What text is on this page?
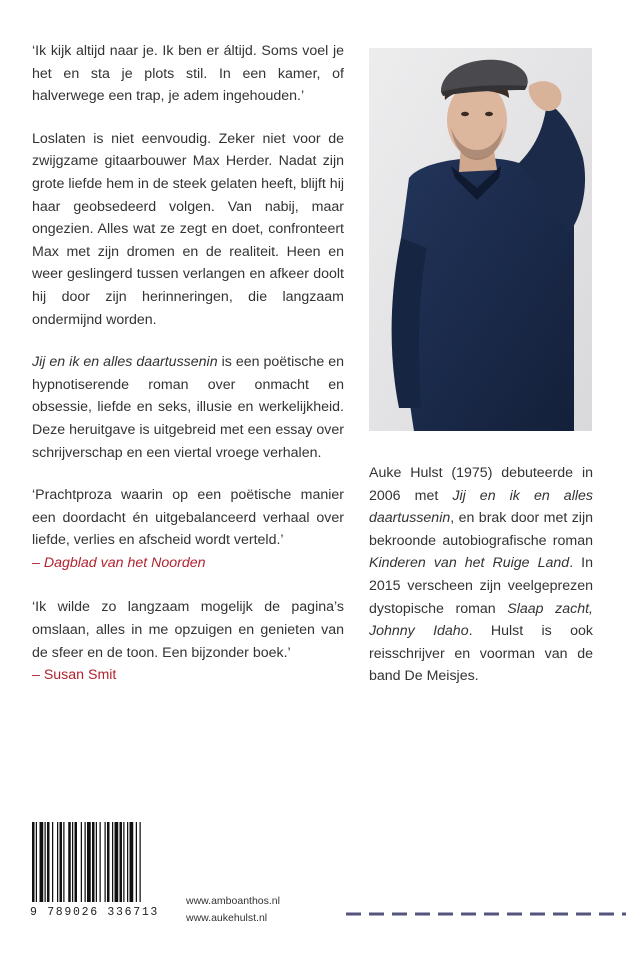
‘Ik kijk altijd naar je. Ik ben er áltijd. Soms voel je het en sta je plots stil. In een kamer, of halverwege een trap, je adem ingehouden.’

Loslaten is niet eenvoudig. Zeker niet voor de zwijgzame gitaarbouwer Max Herder. Nadat zijn grote liefde hem in de steek gelaten heeft, blijft hij haar geobsedeerd volgen. Van nabij, maar ongezien. Alles wat ze zegt en doet, confronteert Max met zijn dromen en de realiteit. Heen en weer geslingerd tussen verlangen en afkeer doolt hij door zijn herinneringen, die langzaam ondermijnd worden.

Jij en ik en alles daartussenin is een poëtische en hypnotiserende roman over onmacht en obsessie, liefde en seks, illusie en werkelijkheid. Deze heruitgave is uitgebreid met een essay over schrijverschap en een viertal vroege verhalen.

‘Prachtproza waarin op een poëtische manier een doordacht én uitgebalanceerd verhaal over liefde, verlies en afscheid wordt verteld.’

– Dagblad van het Noorden

‘Ik wilde zo langzaam mogelijk de pagina’s omslaan, alles in me opzuigen en genieten van de sfeer en de toon. Een bijzonder boek.’

– Susan Smit

Auke Hulst (1975) debuteerde in 2006 met Jij en ik en alles daartussenin, en brak door met zijn bekroonde autobiografische roman Kinderen van het Ruige Land. In 2015 verscheen zijn veelgeprezen dystopische roman Slaap zacht, Johnny Idaho. Hulst is ook reisschrijver en voorman van de band De Meisjes.

9 789026 336713
www.amboanthos.nl
www.aukehulst.nl
